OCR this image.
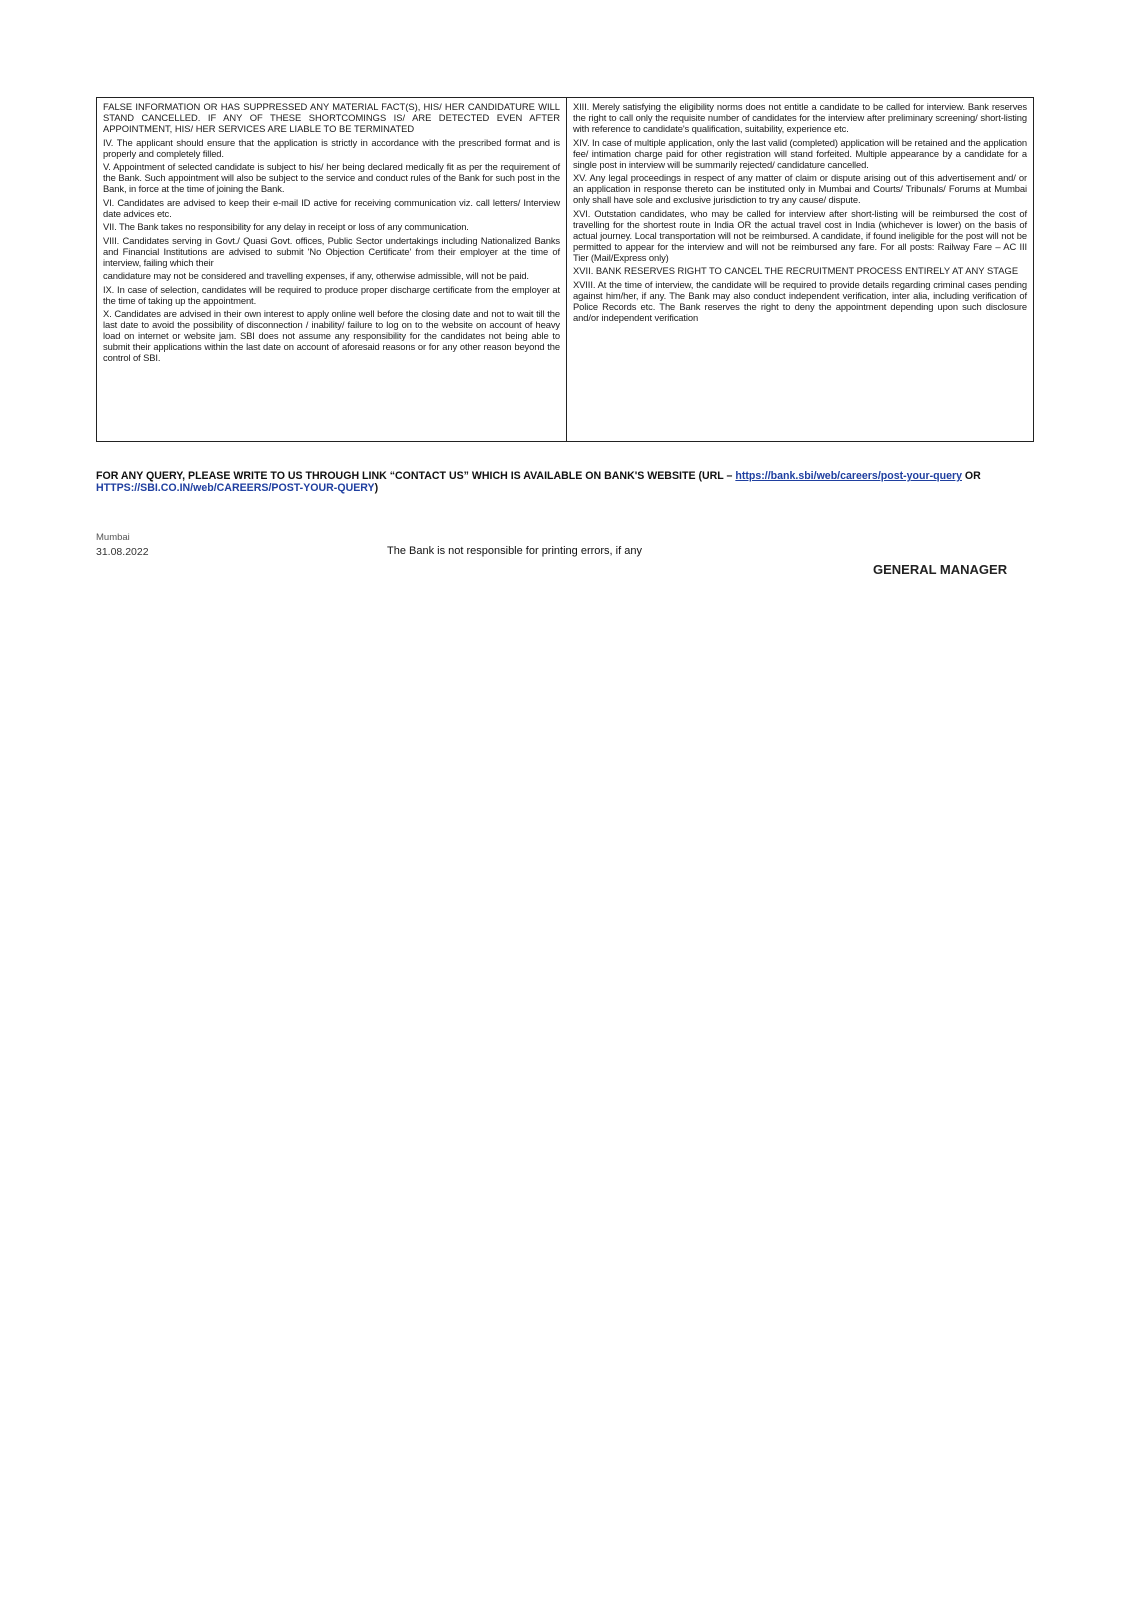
FALSE INFORMATION OR HAS SUPPRESSED ANY MATERIAL FACT(S), HIS/ HER CANDIDATURE WILL STAND CANCELLED. IF ANY OF THESE SHORTCOMINGS IS/ ARE DETECTED EVEN AFTER APPOINTMENT, HIS/ HER SERVICES ARE LIABLE TO BE TERMINATED

IV. The applicant should ensure that the application is strictly in accordance with the prescribed format and is properly and completely filled.

V. Appointment of selected candidate is subject to his/ her being declared medically fit as per the requirement of the Bank. Such appointment will also be subject to the service and conduct rules of the Bank for such post in the Bank, in force at the time of joining the Bank.

VI. Candidates are advised to keep their e-mail ID active for receiving communication viz. call letters/ Interview date advices etc.

VII. The Bank takes no responsibility for any delay in receipt or loss of any communication.

VIII. Candidates serving in Govt./ Quasi Govt. offices, Public Sector undertakings including Nationalized Banks and Financial Institutions are advised to submit 'No Objection Certificate' from their employer at the time of interview, failing which their

candidature may not be considered and travelling expenses, if any, otherwise admissible, will not be paid.

IX. In case of selection, candidates will be required to produce proper discharge certificate from the employer at the time of taking up the appointment.

X. Candidates are advised in their own interest to apply online well before the closing date and not to wait till the last date to avoid the possibility of disconnection / inability/ failure to log on to the website on account of heavy load on internet or website jam. SBI does not assume any responsibility for the candidates not being able to submit their applications within the last date on account of aforesaid reasons or for any other reason beyond the control of SBI.

XIII. Merely satisfying the eligibility norms does not entitle a candidate to be called for interview. Bank reserves the right to call only the requisite number of candidates for the interview after preliminary screening/ short-listing with reference to candidate's qualification, suitability, experience etc.

XIV. In case of multiple application, only the last valid (completed) application will be retained and the application fee/ intimation charge paid for other registration will stand forfeited. Multiple appearance by a candidate for a single post in interview will be summarily rejected/ candidature cancelled.

XV. Any legal proceedings in respect of any matter of claim or dispute arising out of this advertisement and/ or an application in response thereto can be instituted only in Mumbai and Courts/ Tribunals/ Forums at Mumbai only shall have sole and exclusive jurisdiction to try any cause/ dispute.

XVI. Outstation candidates, who may be called for interview after short-listing will be reimbursed the cost of travelling for the shortest route in India OR the actual travel cost in India (whichever is lower) on the basis of actual journey. Local transportation will not be reimbursed. A candidate, if found ineligible for the post will not be permitted to appear for the interview and will not be reimbursed any fare. For all posts: Railway Fare – AC III Tier (Mail/Express only)

XVII. BANK RESERVES RIGHT TO CANCEL THE RECRUITMENT PROCESS ENTIRELY AT ANY STAGE

XVIII. At the time of interview, the candidate will be required to provide details regarding criminal cases pending against him/her, if any. The Bank may also conduct independent verification, inter alia, including verification of Police Records etc. The Bank reserves the right to deny the appointment depending upon such disclosure and/or independent verification

FOR ANY QUERY, PLEASE WRITE TO US THROUGH LINK “CONTACT US” WHICH IS AVAILABLE ON BANK'S WEBSITE (URL – https://bank.sbi/web/careers/post-your-query OR HTTPS://SBI.CO.IN/web/CAREERS/POST-YOUR-QUERY)
Mumbai
31.08.2022	The Bank is not responsible for printing errors, if any
GENERAL MANAGER
